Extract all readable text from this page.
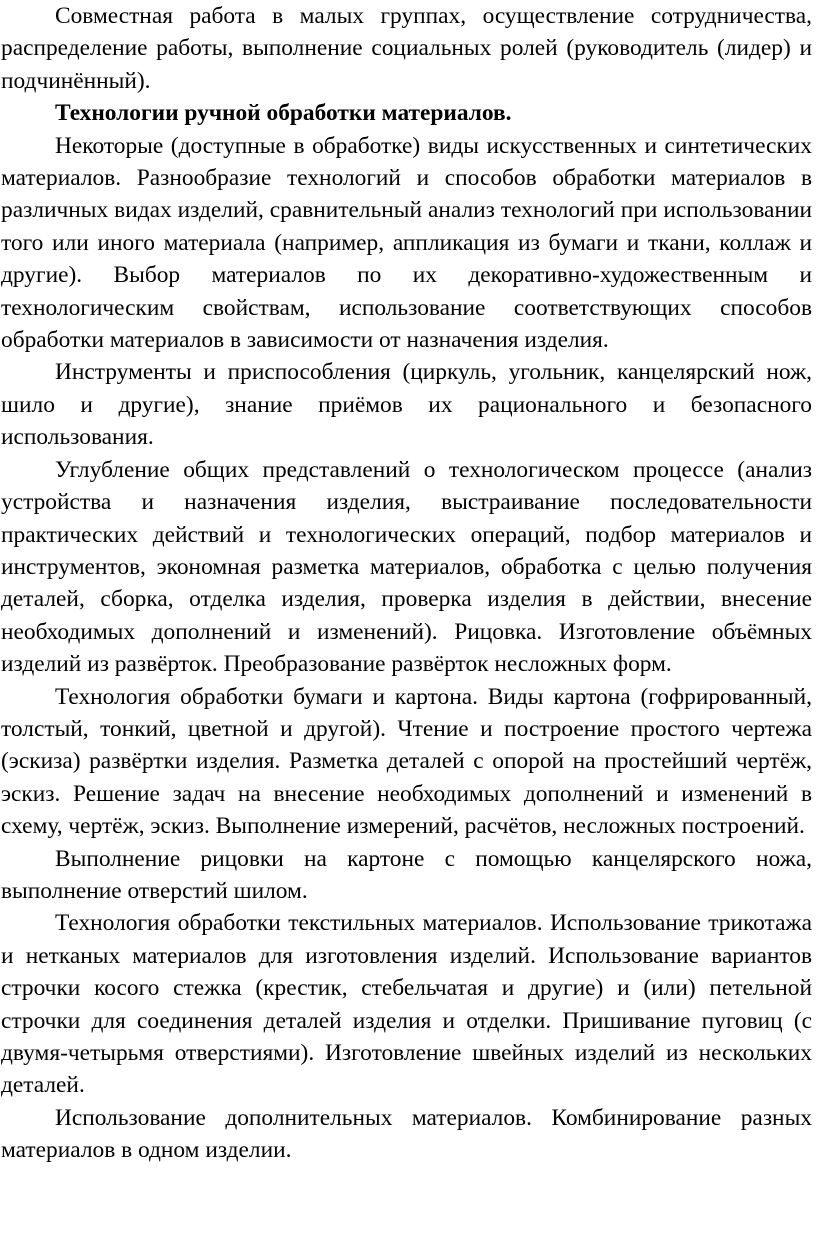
Совместная работа в малых группах, осуществление сотрудничества, распределение работы, выполнение социальных ролей (руководитель (лидер) и подчинённый).

Технологии ручной обработки материалов.

Некоторые (доступные в обработке) виды искусственных и синтетических материалов. Разнообразие технологий и способов обработки материалов в различных видах изделий, сравнительный анализ технологий при использовании того или иного материала (например, аппликация из бумаги и ткани, коллаж и другие). Выбор материалов по их декоративно-художественным и технологическим свойствам, использование соответствующих способов обработки материалов в зависимости от назначения изделия.

Инструменты и приспособления (циркуль, угольник, канцелярский нож, шило и другие), знание приёмов их рационального и безопасного использования.

Углубление общих представлений о технологическом процессе (анализ устройства и назначения изделия, выстраивание последовательности практических действий и технологических операций, подбор материалов и инструментов, экономная разметка материалов, обработка с целью получения деталей, сборка, отделка изделия, проверка изделия в действии, внесение необходимых дополнений и изменений). Рицовка. Изготовление объёмных изделий из развёрток. Преобразование развёрток несложных форм.

Технология обработки бумаги и картона. Виды картона (гофрированный, толстый, тонкий, цветной и другой). Чтение и построение простого чертежа (эскиза) развёртки изделия. Разметка деталей с опорой на простейший чертёж, эскиз. Решение задач на внесение необходимых дополнений и изменений в схему, чертёж, эскиз. Выполнение измерений, расчётов, несложных построений.

Выполнение рицовки на картоне с помощью канцелярского ножа, выполнение отверстий шилом.

Технология обработки текстильных материалов. Использование трикотажа и нетканых материалов для изготовления изделий. Использование вариантов строчки косого стежка (крестик, стебельчатая и другие) и (или) петельной строчки для соединения деталей изделия и отделки. Пришивание пуговиц (с двумя-четырьмя отверстиями). Изготовление швейных изделий из нескольких деталей.

Использование дополнительных материалов. Комбинирование разных материалов в одном изделии.
